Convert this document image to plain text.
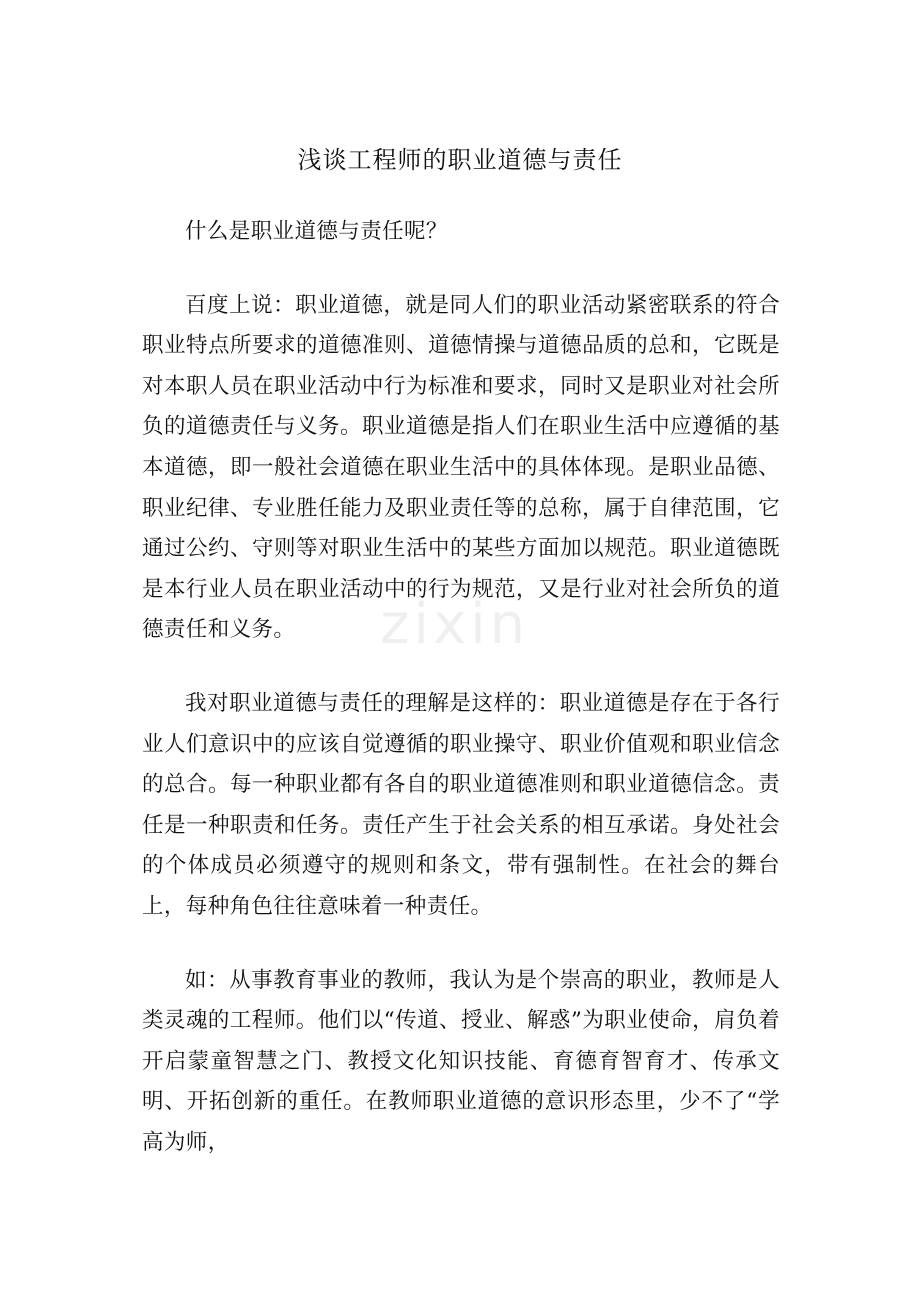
浅谈工程师的职业道德与责任

什么是职业道德与责任呢？

百度上说：职业道德，就是同人们的职业活动紧密联系的符合职业特点所要求的道德准则、道德情操与道德品质的总和，它既是对本职人员在职业活动中行为标准和要求，同时又是职业对社会所负的道德责任与义务。职业道德是指人们在职业生活中应遵循的基本道德，即一般社会道德在职业生活中的具体体现。是职业品德、职业纪律、专业胜任能力及职业责任等的总称，属于自律范围，它通过公约、守则等对职业生活中的某些方面加以规范。职业道德既是本行业人员在职业活动中的行为规范，又是行业对社会所负的道德责任和义务。

我对职业道德与责任的理解是这样的：职业道德是存在于各行业人们意识中的应该自觉遵循的职业操守、职业价值观和职业信念的总合。每一种职业都有各自的职业道德准则和职业道德信念。责任是一种职责和任务。责任产生于社会关系的相互承诺。身处社会的个体成员必须遵守的规则和条文，带有强制性。在社会的舞台上，每种角色往往意味着一种责任。

如：从事教育事业的教师，我认为是个崇高的职业，教师是人类灵魂的工程师。他们以“传道、授业、解惑”为职业使命，肩负着开启蒙童智慧之门、教授文化知识技能、育德育智育才、传承文明、开拓创新的重任。在教师职业道德的意识形态里，少不了“学高为师，

zixin
